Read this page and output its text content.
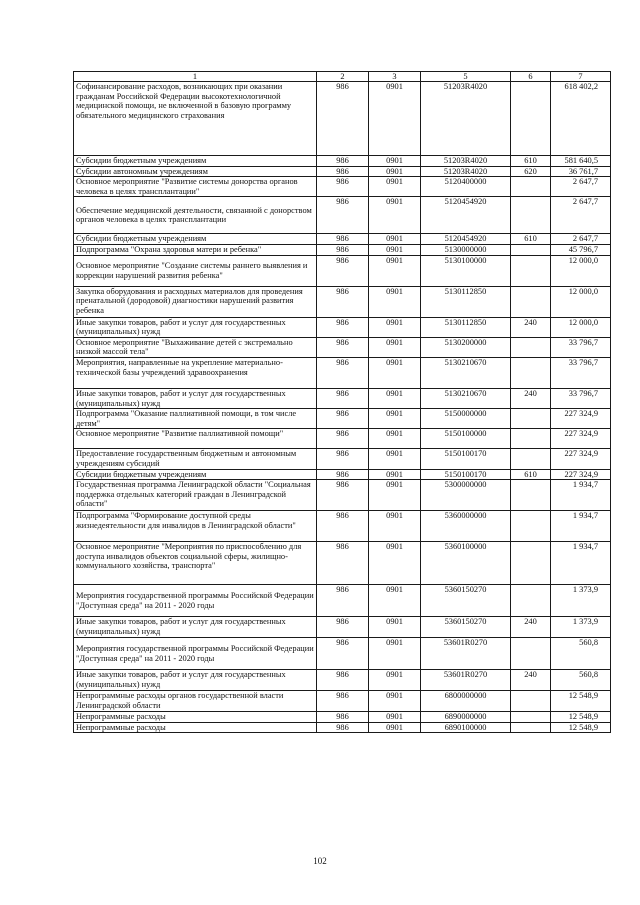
1	2	3	5	6	7
Софинансирование расходов, возникающих при оказании гражданам Российской Федерации высокотехнологичной медицинской помощи, не включенной в базовую программу обязательного медицинского страхования	986	0901	51203R4020		618 402,2
Субсидии бюджетным учреждениям	986	0901	51203R4020	610	581 640,5
Субсидии автономным учреждениям	986	0901	51203R4020	620	36 761,7
Основное мероприятие "Развитие системы донорства органов человека в целях трансплантации"	986	0901	5120400000		2 647,7
Обеспечение медицинской деятельности, связанной с донорством органов человека в целях трансплантации	986	0901	5120454920		2 647,7
Субсидии бюджетным учреждениям	986	0901	5120454920	610	2 647,7
Подпрограмма "Охрана здоровья матери и ребенка"	986	0901	5130000000		45 796,7
Основное мероприятие "Создание системы раннего выявления и коррекции нарушений развития ребенка"	986	0901	5130100000		12 000,0
Закупка оборудования и расходных материалов для проведения пренатальной (дородовой) диагностики нарушений развития ребенка	986	0901	5130112850		12 000,0
Иные закупки товаров, работ и услуг для государственных (муниципальных) нужд	986	0901	5130112850	240	12 000,0
Основное мероприятие "Выхаживание детей с экстремально низкой массой тела"	986	0901	5130200000		33 796,7
Мероприятия, направленные на укрепление материально-технической базы учреждений здравоохранения	986	0901	5130210670		33 796,7
Иные закупки товаров, работ и услуг для государственных (муниципальных) нужд	986	0901	5130210670	240	33 796,7
Подпрограмма "Оказание паллиативной помощи, в том числе детям"	986	0901	5150000000		227 324,9
Основное мероприятие "Развитие паллиативной помощи"	986	0901	5150100000		227 324,9
Предоставление государственным бюджетным и автономным учреждениям субсидий	986	0901	5150100170		227 324,9
Субсидии бюджетным учреждениям	986	0901	5150100170	610	227 324,9
Государственная программа Ленинградской области "Социальная поддержка отдельных категорий граждан в Ленинградской области"	986	0901	5300000000		1 934,7
Подпрограмма "Формирование доступной среды жизнедеятельности для инвалидов в Ленинградской области"	986	0901	5360000000		1 934,7
Основное мероприятие "Мероприятия по приспособлению для доступа инвалидов объектов социальной сферы, жилищно-коммунального хозяйства, транспорта"	986	0901	5360100000		1 934,7
Мероприятия государственной программы Российской Федерации "Доступная среда" на 2011 - 2020 годы	986	0901	5360150270		1 373,9
Иные закупки товаров, работ и услуг для государственных (муниципальных) нужд	986	0901	5360150270	240	1 373,9
Мероприятия государственной программы Российской Федерации "Доступная среда" на 2011 - 2020 годы	986	0901	53601R0270		560,8
Иные закупки товаров, работ и услуг для государственных (муниципальных) нужд	986	0901	53601R0270	240	560,8
Непрограммные расходы органов государственной власти Ленинградской области	986	0901	6800000000		12 548,9
Непрограммные расходы	986	0901	6890000000		12 548,9
Непрограммные расходы	986	0901	6890100000		12 548,9
102
